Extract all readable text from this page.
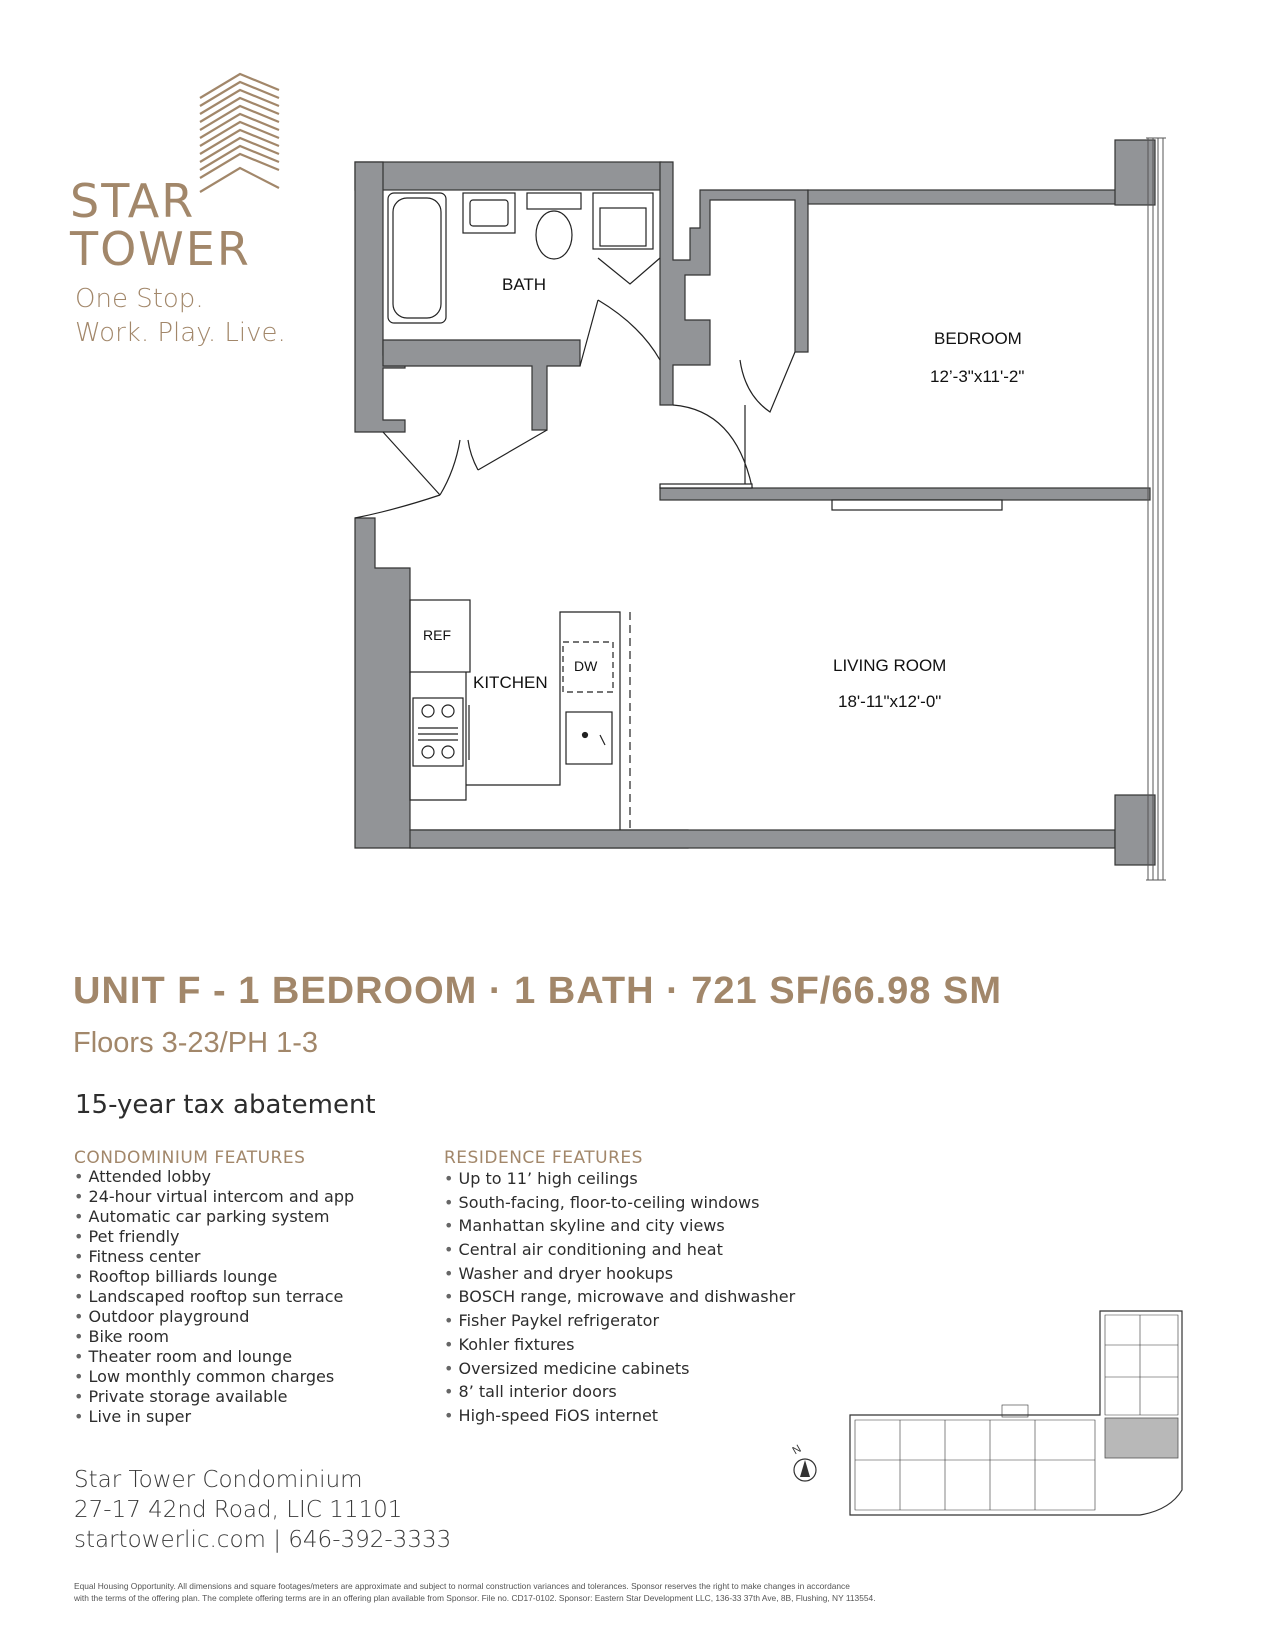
STAR
TOWER
One Stop.
Work. Play. Live.
BATH
BEDROOM
12’-3"x11'-2"
LIVING ROOM
18'-11"x12'-0"
KITCHEN
REF
DW
UNIT F - 1 BEDROOM · 1 BATH · 721 SF/66.98 SM
Floors 3-23/PH 1-3
15-year tax abatement
CONDOMINIUM FEATURES
• Attended lobby
• 24-hour virtual intercom and app
• Automatic car parking system
• Pet friendly
• Fitness center
• Rooftop billiards lounge
• Landscaped rooftop sun terrace
• Outdoor playground
• Bike room
• Theater room and lounge
• Low monthly common charges
• Private storage available
• Live in super
RESIDENCE FEATURES
• Up to 11’ high ceilings
• South-facing, floor-to-ceiling windows
• Manhattan skyline and city views
• Central air conditioning and heat
• Washer and dryer hookups
• BOSCH range, microwave and dishwasher
• Fisher Paykel refrigerator
• Kohler fixtures
• Oversized medicine cabinets
• 8’ tall interior doors
• High-speed FiOS internet
Star Tower Condominium
27-17 42nd Road, LIC 11101
startowerlic.com | 646-392-3333
N
Equal Housing Opportunity. All dimensions and square footages/meters are approximate and subject to normal construction variances and tolerances. Sponsor reserves the right to make changes in accordance
with the terms of the offering plan. The complete offering terms are in an offering plan available from Sponsor. File no. CD17-0102. Sponsor: Eastern Star Development LLC, 136-33 37th Ave, 8B, Flushing, NY 113554.
